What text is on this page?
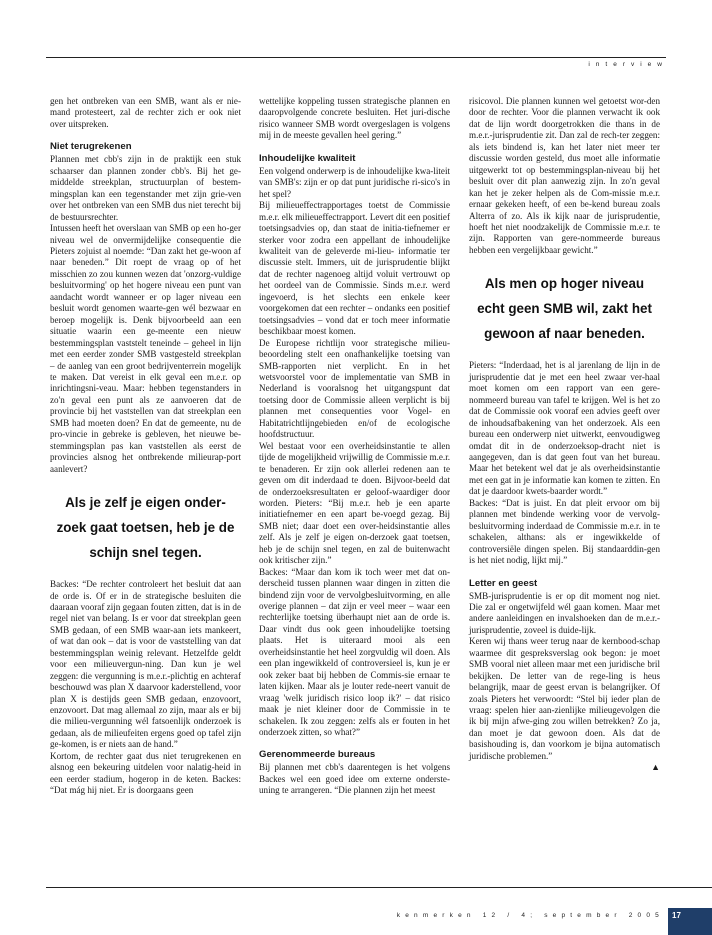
interview

gen het ontbreken van een SMB, want als er nie-mand protesteert, zal de rechter zich er ook niet over uitspreken.

Niet terugrekenen

Plannen met cbb's zijn in de praktijk een stuk schaarser dan plannen zonder cbb's. Bij het ge-middelde streekplan, structuurplan of bestem-mingsplan kan een tegenstander met zijn grie-ven over het ontbreken van een SMB dus niet terecht bij de bestuursrechter.

Intussen heeft het overslaan van SMB op een ho-ger niveau wel de onvermijdelijke consequentie die Pieters zojuist al noemde: “Dan zakt het ge-woon af naar beneden.” Dit roept de vraag op of het misschien zo zou kunnen wezen dat 'onzorg-vuldige besluitvorming' op het hogere niveau een punt van aandacht wordt wanneer er op lager niveau een besluit wordt genomen waarte-gen wél bezwaar en beroep mogelijk is. Denk bijvoorbeeld aan een situatie waarin een ge-meente een nieuw bestemmingsplan vaststelt teneinde – geheel in lijn met een eerder zonder SMB vastgesteld streekplan – de aanleg van een groot bedrijventerrein mogelijk te maken. Dat vereist in elk geval een m.e.r. op inrichtingsni-veau. Maar: hebben tegenstanders in zo'n geval een punt als ze aanvoeren dat de provincie bij het vaststellen van dat streekplan een SMB had moeten doen? En dat de gemeente, nu de pro-vincie in gebreke is gebleven, het nieuwe be-stemmingsplan pas kan vaststellen als eerst de provincies alsnog het ontbrekende milieurap-port aanlevert?

Als je zelf je eigen onder-zoek gaat toetsen, heb je de schijn snel tegen.

Backes: “De rechter controleert het besluit dat aan de orde is. Of er in de strategische besluiten die daaraan vooraf zijn gegaan fouten zitten, dat is in de regel niet van belang. Is er voor dat streekplan geen SMB gedaan, of een SMB waar-aan iets mankeert, of wat dan ook – dat is voor de vaststelling van dat bestemmingsplan weinig relevant. Hetzelfde geldt voor een milieuvergun-ning. Dan kun je wel zeggen: die vergunning is m.e.r.-plichtig en achteraf beschouwd was plan X daarvoor kaderstellend, voor plan X is destijds geen SMB gedaan, enzovoort, enzovoort. Dat mag allemaal zo zijn, maar als er bij die milieu-vergunning wél fatsoenlijk onderzoek is gedaan, als de milieufeiten ergens goed op tafel zijn ge-komen, is er niets aan de hand.”

Kortom, de rechter gaat dus niet terugrekenen en alsnog een bekeuring uitdelen voor nalatig-heid in een eerder stadium, hogerop in de keten. Backes: “Dat mág hij niet. Er is doorgaans geen

wettelijke koppeling tussen strategische plannen en daaropvolgende concrete besluiten. Het juri-dische risico wanneer SMB wordt overgeslagen is volgens mij in de meeste gevallen heel gering.”

Inhoudelijke kwaliteit

Een volgend onderwerp is de inhoudelijke kwa-liteit van SMB's: zijn er op dat punt juridische ri-sico's in het spel?

Bij milieueffectrapportages toetst de Commissie m.e.r. elk milieueffectrapport. Levert dit een positief toetsingsadvies op, dan staat de initia-tiefnemer er sterker voor zodra een appellant de inhoudelijke kwaliteit van de geleverde mi-lieu- informatie ter discussie stelt. Immers, uit de jurisprudentie blijkt dat de rechter nagenoeg altijd voluit vertrouwt op het oordeel van de Commissie. Sinds m.e.r. werd ingevoerd, is het slechts een enkele keer voorgekomen dat een rechter – ondanks een positief toetsingsadvies – vond dat er toch meer informatie beschikbaar moest komen.

De Europese richtlijn voor strategische milieu-beoordeling stelt een onafhankelijke toetsing van SMB-rapporten niet verplicht. En in het wetsvoorstel voor de implementatie van SMB in Nederland is vooralsnog het uitgangspunt dat toetsing door de Commissie alleen verplicht is bij plannen met consequenties voor Vogel- en Habitatrichtlijngebieden en/of de ecologische hoofdstructuur.

Wel bestaat voor een overheidsinstantie te allen tijde de mogelijkheid vrijwillig de Commissie m.e.r. te benaderen. Er zijn ook allerlei redenen aan te geven om dit inderdaad te doen. Bijvoor-beeld dat de onderzoeksresultaten er geloof-waardiger door worden. Pieters: “Bij m.e.r. heb je een aparte initiatiefnemer en een apart be-voegd gezag. Bij SMB niet; daar doet een over-heidsinstantie alles zelf. Als je zelf je eigen on-derzoek gaat toetsen, heb je de schijn snel tegen, en zal de buitenwacht ook kritischer zijn.”

Backes: “Maar dan kom ik toch weer met dat on-derscheid tussen plannen waar dingen in zitten die bindend zijn voor de vervolgbesluitvorming, en alle overige plannen – dat zijn er veel meer – waar een rechterlijke toetsing überhaupt niet aan de orde is. Daar vindt dus ook geen inhoudelijke toetsing plaats. Het is uiteraard mooi als een overheidsinstantie het heel zorgvuldig wil doen. Als een plan ingewikkeld of controversieel is, kun je er ook zeker baat bij hebben de Commis-sie ernaar te laten kijken. Maar als je louter rede-neert vanuit de vraag 'welk juridisch risico loop ik?' – dat risico maak je niet kleiner door de Commissie in te schakelen. Ik zou zeggen: zelfs als er fouten in het onderzoek zitten, so what?”

Gerenommeerde bureaus

Bij plannen met cbb's daarentegen is het volgens Backes wel een goed idee om externe onderste-uning te arrangeren. “Die plannen zijn het meest

risicovol. Die plannen kunnen wel getoetst wor-den door de rechter. Voor die plannen verwacht ik ook dat de lijn wordt doorgetrokken die thans in de m.e.r.-jurisprudentie zit. Dan zal de rech-ter zeggen: als iets bindend is, kan het later niet meer ter discussie worden gesteld, dus moet alle informatie uitgewerkt tot op bestemmingsplan-niveau bij het besluit over dit plan aanwezig zijn. In zo'n geval kan het je zeker helpen als de Com-missie m.e.r. ernaar gekeken heeft, of een be-kend bureau zoals Alterra of zo. Als ik kijk naar de jurisprudentie, hoeft het niet noodzakelijk de Commissie m.e.r. te zijn. Rapporten van gere-nommeerde bureaus hebben een vergelijkbaar gewicht.”

Als men op hoger niveau echt geen SMB wil, zakt het gewoon af naar beneden.

Pieters: “Inderdaad, het is al jarenlang de lijn in de jurisprudentie dat je met een heel zwaar ver-haal moet komen om een rapport van een gere-nommeerd bureau van tafel te krijgen. Wel is het zo dat de Commissie ook vooraf een advies geeft over de inhoudsafbakening van het onderzoek. Als een bureau een onderwerp niet uitwerkt, eenvoudigweg omdat dit in de onderzoeksop-dracht niet is aangegeven, dan is dat geen fout van het bureau. Maar het betekent wel dat je als overheidsinstantie met een gat in je informatie kan komen te zitten. En dat je daardoor kwets-baarder wordt.”

Backes: “Dat is juist. En dat pleit ervoor om bij plannen met bindende werking voor de vervolg-besluitvorming inderdaad de Commissie m.e.r. in te schakelen, althans: als er ingewikkelde of controversiële dingen spelen. Bij standaarddin-gen is het niet nodig, lijkt mij.”

Letter en geest

SMB-jurisprudentie is er op dit moment nog niet. Die zal er ongetwijfeld wél gaan komen. Maar met andere aanleidingen en invalshoeken dan de m.e.r.-jurisprudentie, zoveel is duide-lijk.

Keren wij thans weer terug naar de kernbood-schap waarmee dit gespreksverslag ook begon: je moet SMB vooral niet alleen maar met een juridische bril bekijken. De letter van de rege-ling is heus belangrijk, maar de geest ervan is belangrijker. Of zoals Pieters het verwoordt: “Stel bij ieder plan de vraag: spelen hier aan-zienlijke milieugevolgen die ik bij mijn afwe-ging zou willen betrekken? Zo ja, dan moet je dat gewoon doen. Als dat de basishouding is, dan voorkom je bijna automatisch juridische problemen.”

▲

kenmerken 12 / 4; september 2005	17
